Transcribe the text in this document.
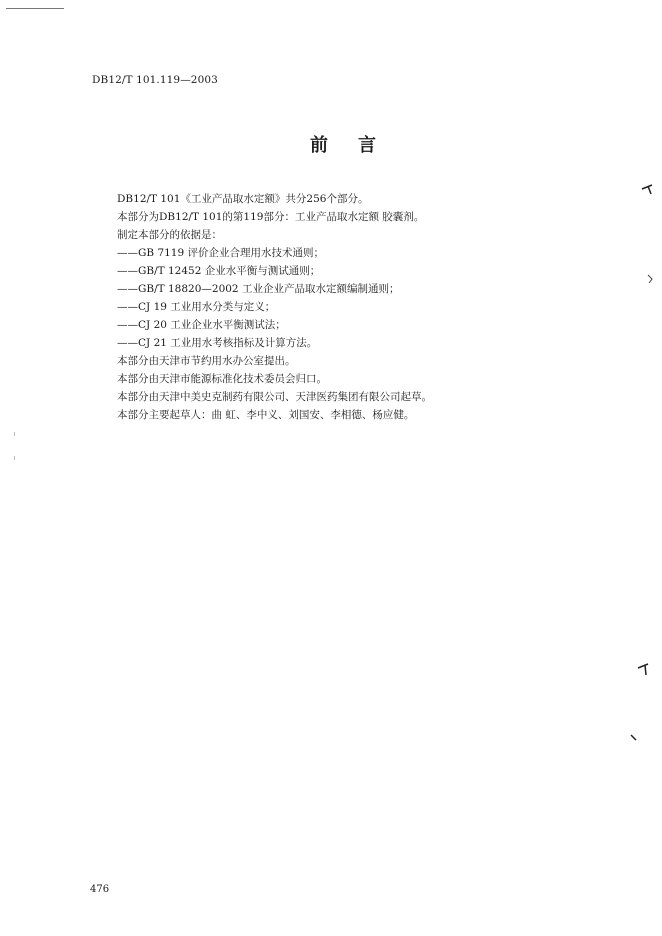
DB12/T 101.119—2003
前言
DB12/T 101《工业产品取水定额》共分256个部分。
本部分为DB12/T 101的第119部分：工业产品取水定额 胶囊剂。
制定本部分的依据是：
——GB 7119 评价企业合理用水技术通则；
——GB/T 12452 企业水平衡与测试通则；
——GB/T 18820—2002 工业企业产品取水定额编制通则；
——CJ 19 工业用水分类与定义；
——CJ 20 工业企业水平衡测试法；
——CJ 21 工业用水考核指标及计算方法。
本部分由天津市节约用水办公室提出。
本部分由天津市能源标准化技术委员会归口。
本部分由天津中美史克制药有限公司、天津医药集团有限公司起草。
本部分主要起草人：曲 虹、李中义、刘国安、李相德、杨应健。
476
